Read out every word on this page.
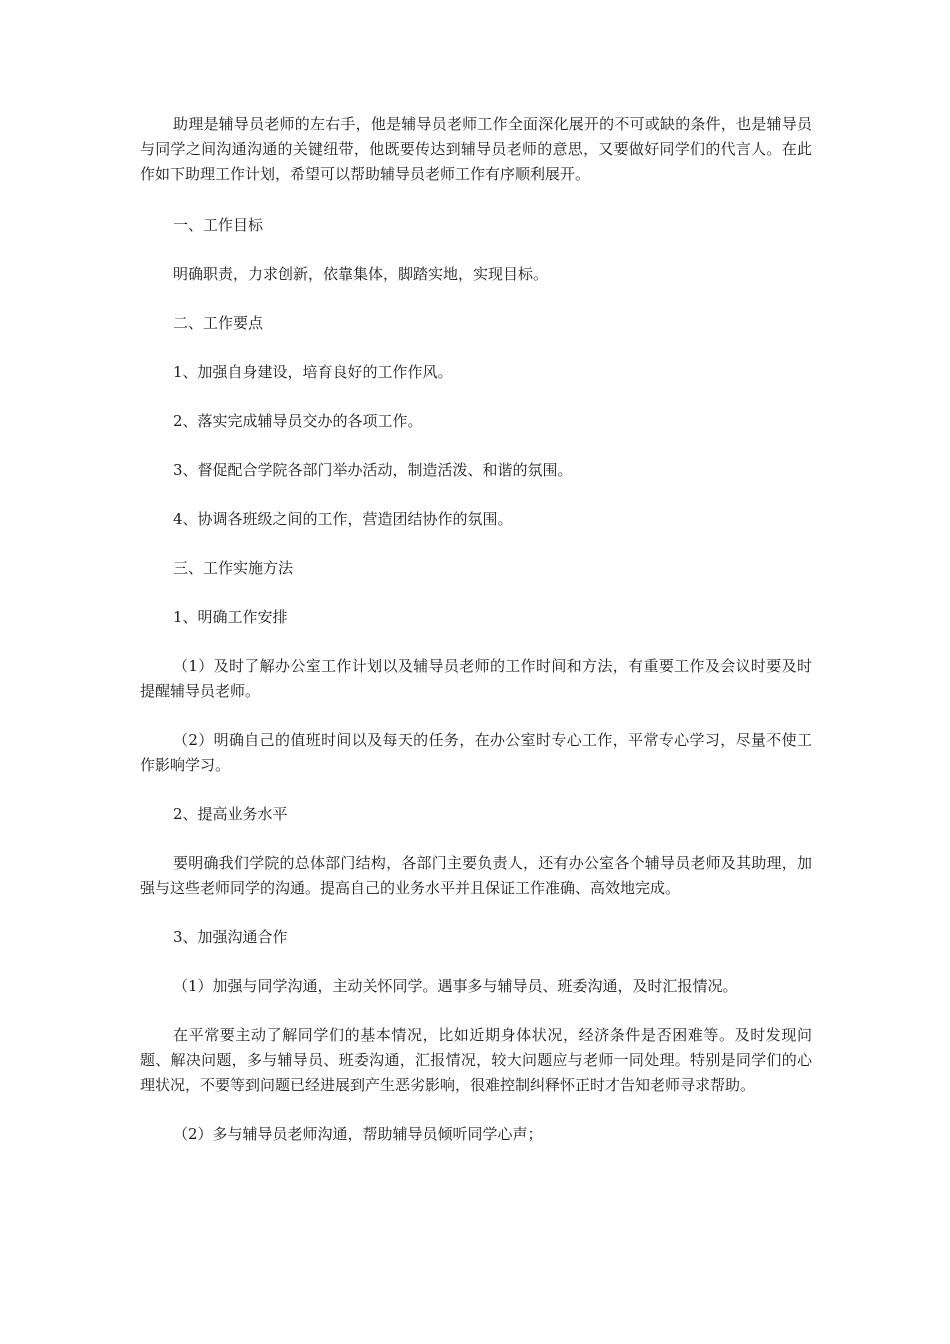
助理是辅导员老师的左右手，他是辅导员老师工作全面深化展开的不可或缺的条件，也是辅导员与同学之间沟通沟通的关键纽带，他既要传达到辅导员老师的意思，又要做好同学们的代言人。在此作如下助理工作计划，希望可以帮助辅导员老师工作有序顺利展开。

一、工作目标

明确职责，力求创新，依靠集体，脚踏实地，实现目标。

二、工作要点

1、加强自身建设，培育良好的工作作风。

2、落实完成辅导员交办的各项工作。

3、督促配合学院各部门举办活动，制造活泼、和谐的氛围。

4、协调各班级之间的工作，营造团结协作的氛围。

三、工作实施方法

1、明确工作安排

（1）及时了解办公室工作计划以及辅导员老师的工作时间和方法，有重要工作及会议时要及时提醒辅导员老师。

（2）明确自己的值班时间以及每天的任务，在办公室时专心工作，平常专心学习，尽量不使工作影响学习。

2、提高业务水平

要明确我们学院的总体部门结构，各部门主要负责人，还有办公室各个辅导员老师及其助理，加强与这些老师同学的沟通。提高自己的业务水平并且保证工作准确、高效地完成。

3、加强沟通合作

（1）加强与同学沟通，主动关怀同学。遇事多与辅导员、班委沟通，及时汇报情况。

在平常要主动了解同学们的基本情况，比如近期身体状况，经济条件是否困难等。及时发现问题、解决问题，多与辅导员、班委沟通，汇报情况，较大问题应与老师一同处理。特别是同学们的心理状况，不要等到问题已经进展到产生恶劣影响，很难控制纠释怀正时才告知老师寻求帮助。

（2）多与辅导员老师沟通，帮助辅导员倾听同学心声；
